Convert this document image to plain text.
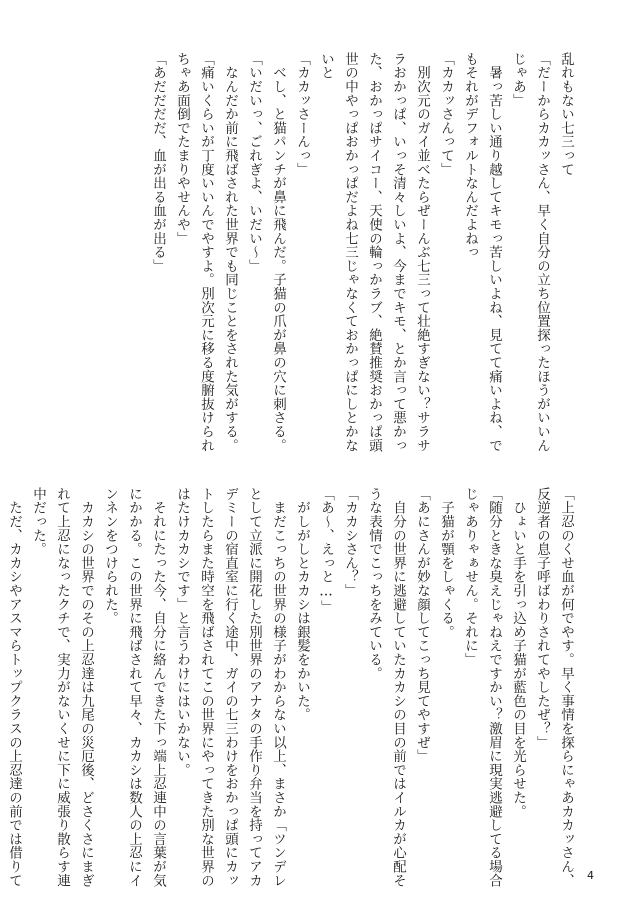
乱れもない七三って
「だーからカカッさん、早く自分の立ち位置探ったほうがいいん
じゃあ」
　暑っ苦しい通り越してキモっ苦しいよね、見てて痛いよね、で
もそれがデフォルトなんだよねっ
「カカッさんって」
　別次元のガイ並べたらぜーんぶ七三って壮絶すぎない？サラサ
ラおかっぱ、いっそ清々しいよ、今までキモ、とか言って悪かっ
た、おかっぱサイコー、天使の輪っかラブ、絶賛推奨おかっぱ頭
世の中やっぱおかっぱだよね七三じゃなくておかっぱにしとかな
いと
「カカッさーんっ」
　べし、と猫パンチが鼻に飛んだ。子猫の爪が鼻の穴に刺さる。
「いだいっ、ごれぎよ、いだい～」
　なんだか前に飛ばされた世界でも同じことをされた気がする。
「痛いくらいが丁度いいんでやすよ。別次元に移る度腑抜けられ
ちゃあ面倒でたまりやせんや」
「あだだだだ、血が出る血が出る」
「上忍のくせ血が何でやす。早く事情を探らにゃあカカッさん、
反逆者の息子呼ばわりされてやしたぜ？」
　ひょいと手を引っ込め子猫が藍色の目を光らせた。
「随分ときな臭えじゃねえですかい？激眉に現実逃避してる場合
じゃありゃぁせん。それに」
　子猫が顎をしゃくる。
「あにさんが妙な顔してこっち見てやすぜ」
　自分の世界に逃避していたカカシの目の前ではイルカが心配そ
うな表情でこっちをみている。
「カカシさん？」
「あ～、えっと…」
　がしがしとカカシは銀髪をかいた。
　まだこっちの世界の様子がわからない以上、まさか「ツンデレ
として立派に開花した別世界のアナタの手作り弁当を持ってアカ
デミーの宿直室に行く途中、ガイの七三わけをおかっぱ頭にカッ
トしたらまた時空を飛ばされてこの世界にやってきた別な世界の
はたけカカシです」と言うわけにはいかない。
　それにたった今、自分に絡んできた下っ端上忍連中の言葉が気
にかかる。この世界に飛ばされて早々、カカシは数人の上忍にイ
ンネンをつけられた。
　カカシの世界でのその上忍達は九尾の災厄後、どさくさにまぎ
れて上忍になったクチで、実力がないくせに下に威張り散らす連
中だった。
　ただ、カカシやアスマらトップクラスの上忍達の前では借りて	4
